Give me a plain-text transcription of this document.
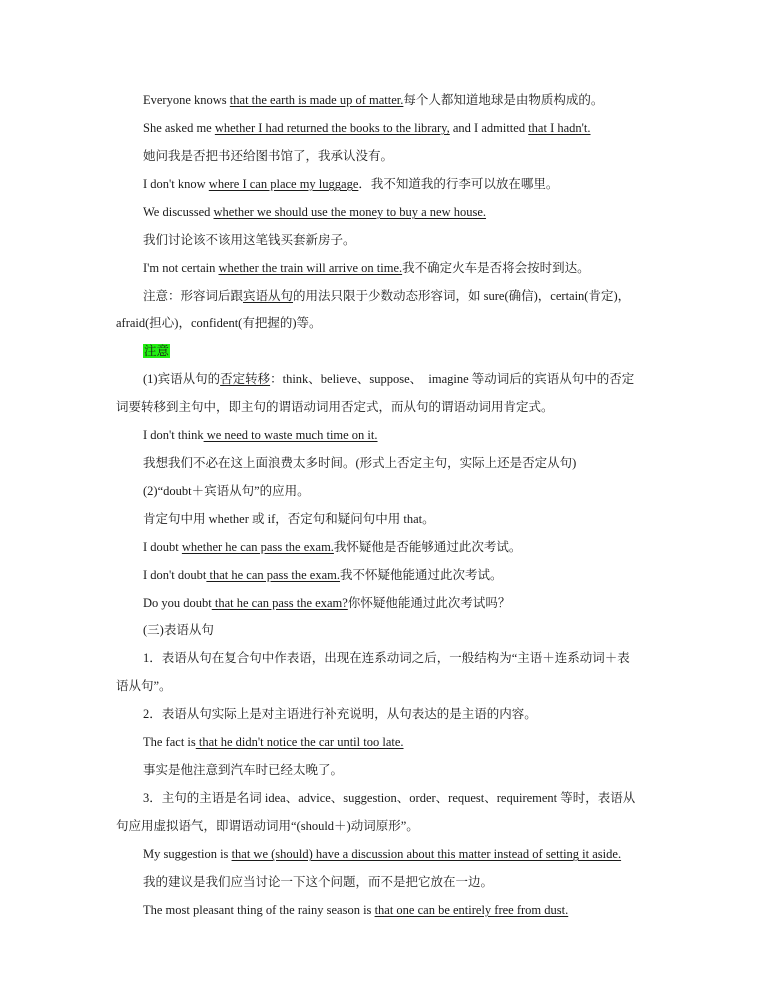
Everyone knows that the earth is made up of matter.每个人都知道地球是由物质构成的。
She asked me whether I had returned the books to the library, and I admitted that I hadn't.
她问我是否把书还给图书馆了，我承认没有。
I don't know where I can place my luggage．我不知道我的行李可以放在哪里。
We discussed whether we should use the money to buy a new house.
我们讨论该不该用这笔钱买套新房子。
I'm not certain whether the train will arrive on time.我不确定火车是否将会按时到达。
注意：形容词后跟宾语从句的用法只限于少数动态形容词，如 sure(确信)，certain(肯定)，
afraid(担心)，confident(有把握的)等。
注意
(1)宾语从句的否定转移：think、believe、suppose、　imagine 等动词后的宾语从句中的否定
词要转移到主句中，即主句的谓语动词用否定式，而从句的谓语动词用肯定式。
I don't think we need to waste much time on it.
我想我们不必在这上面浪费太多时间。(形式上否定主句，实际上还是否定从句)
(2)“doubt＋宾语从句”的应用。
肯定句中用 whether 或 if，否定句和疑问句中用 that。
I doubt whether he can pass the exam.我怀疑他是否能够通过此次考试。
I don't doubt that he can pass the exam.我不怀疑他能通过此次考试。
Do you doubt that he can pass the exam?你怀疑他能通过此次考试吗？
(三)表语从句
1．表语从句在复合句中作表语，出现在连系动词之后，一般结构为“主语＋连系动词＋表
语从句”。
2．表语从句实际上是对主语进行补充说明，从句表达的是主语的内容。
The fact is that he didn't notice the car until too late.
事实是他注意到汽车时已经太晚了。
3．主句的主语是名词 idea、advice、suggestion、order、request、requirement 等时，表语从
句应用虚拟语气，即谓语动词用“(should＋)动词原形”。
My suggestion is that we (should) have a discussion about this matter instead of setting it aside.
我的建议是我们应当讨论一下这个问题，而不是把它放在一边。
The most pleasant thing of the rainy season is that one can be entirely free from dust.
